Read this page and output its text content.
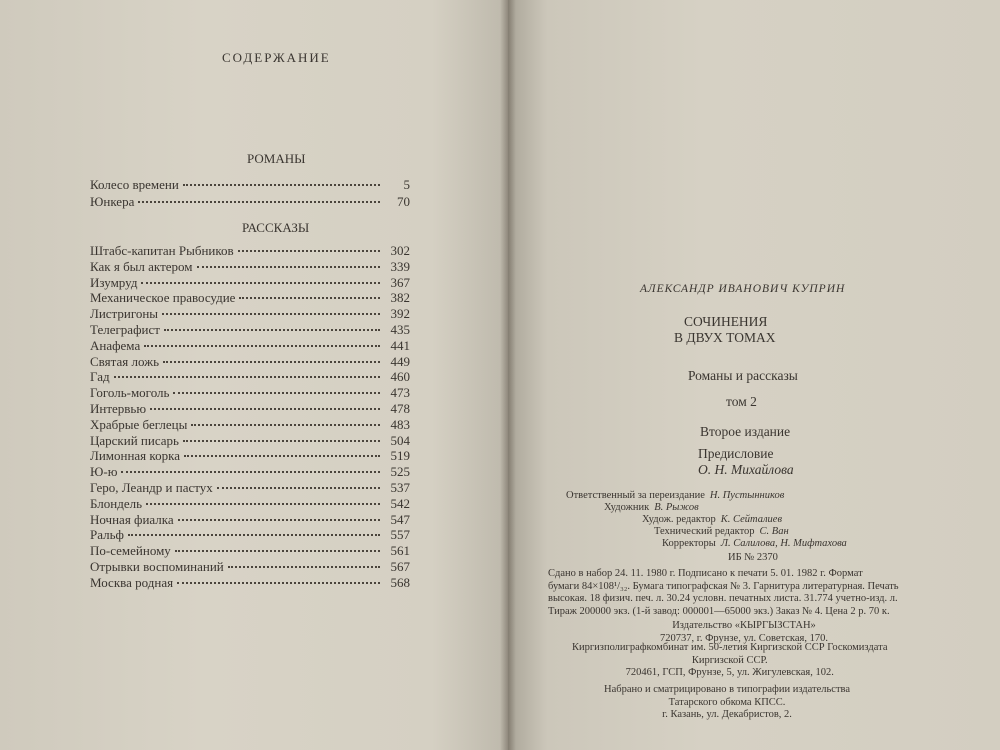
СОДЕРЖАНИЕ
РОМАНЫ
Колесо времени	5
Юнкера	70
РАССКАЗЫ
Штабс-капитан Рыбников	302
Как я был актером	339
Изумруд	367
Механическое правосудие	382
Листригоны	392
Телеграфист	435
Анафема	441
Святая ложь	449
Гад	460
Гоголь-моголь	473
Интервью	478
Храбрые беглецы	483
Царский писарь	504
Лимонная корка	519
Ю-ю	525
Геро, Леандр и пастух	537
Блондель	542
Ночная фиалка	547
Ральф	557
По-семейному	561
Отрывки воспоминаний	567
Москва родная	568
АЛЕКСАНДР ИВАНОВИЧ КУПРИН
СОЧИНЕНИЯ
В ДВУХ ТОМАХ
Романы и рассказы
том 2
Второе издание
Предисловие
О. Н. Михайлова
Ответственный за переиздание Н. Пустынников
Художник В. Рыжов
Худож. редактор К. Сейталиев
Технический редактор С. Ван
Корректоры Л. Салилова, Н. Мифтахова
ИБ № 2370
Сдано в набор 24. 11. 1980 г. Подписано к печати 5. 01. 1982 г. Формат
бумаги 84×108¹/₃₂. Бумага типографская № 3. Гарнитура литературная. Печать
высокая. 18 физич. печ. л. 30.24 условн. печатных листа. 31.774 учетно-изд. л.
Тираж 200000 экз. (1-й завод: 000001—65000 экз.) Заказ № 4. Цена 2 р. 70 к.
Издательство «КЫРГЫЗСТАН»
720737, г. Фрунзе, ул. Советская, 170.
Киргизполиграфкомбинат им. 50-летия Киргизской ССР Госкомиздата
Киргизской ССР.
720461, ГСП, Фрунзе, 5, ул. Жигулевская, 102.
Набрано и сматрицировано в типографии издательства
Татарского обкома КПСС.
г. Казань, ул. Декабристов, 2.
